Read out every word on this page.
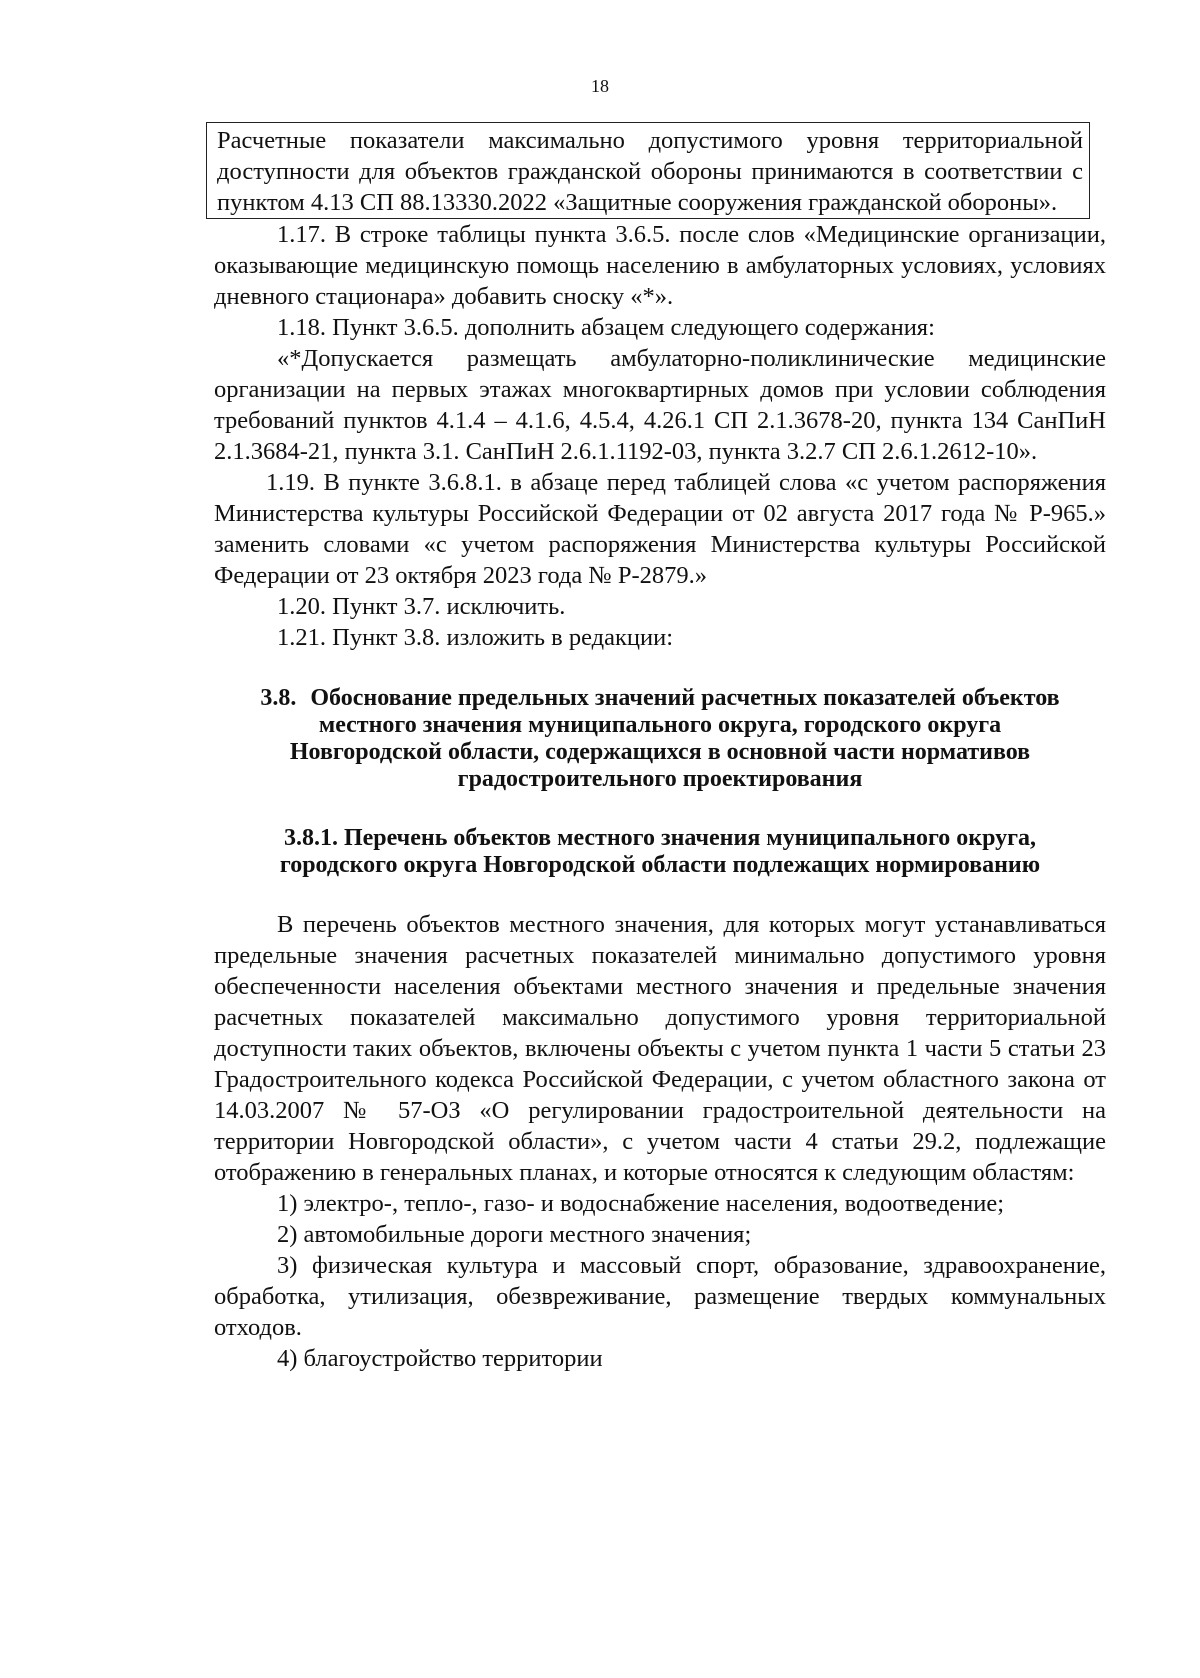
18
Расчетные показатели максимально допустимого уровня территориальной доступности для объектов гражданской обороны принимаются в соответствии с пунктом 4.13 СП 88.13330.2022 «Защитные сооружения гражданской обороны».

1.17. В строке таблицы пункта 3.6.5. после слов «Медицинские организации, оказывающие медицинскую помощь населению в амбулаторных условиях, условиях дневного стационара» добавить сноску «*».

1.18. Пункт 3.6.5. дополнить абзацем следующего содержания:

«*Допускается размещать амбулаторно-поликлинические медицинские организации на первых этажах многоквартирных домов при условии соблюдения требований пунктов 4.1.4 – 4.1.6, 4.5.4, 4.26.1 СП 2.1.3678-20, пункта 134 СанПиН 2.1.3684-21, пункта 3.1. СанПиН 2.6.1.1192-03, пункта 3.2.7 СП 2.6.1.2612-10».

1.19. В пункте 3.6.8.1. в абзаце перед таблицей слова «с учетом распоряжения Министерства культуры Российской Федерации от 02 августа 2017 года № Р-965.» заменить словами «с учетом распоряжения Министерства культуры Российской Федерации от 23 октября 2023 года № Р-2879.»

1.20. Пункт 3.7. исключить.

1.21. Пункт 3.8. изложить в редакции:

3.8. Обоснование предельных значений расчетных показателей объектов местного значения муниципального округа, городского округа Новгородской области, содержащихся в основной части нормативов градостроительного проектирования
3.8.1. Перечень объектов местного значения муниципального округа, городского округа Новгородской области подлежащих нормированию

В перечень объектов местного значения, для которых могут устанавливаться предельные значения расчетных показателей минимально допустимого уровня обеспеченности населения объектами местного значения и предельные значения расчетных показателей максимально допустимого уровня территориальной доступности таких объектов, включены объекты с учетом пункта 1 части 5 статьи 23 Градостроительного кодекса Российской Федерации, с учетом областного закона от 14.03.2007 № 57-ОЗ «О регулировании градостроительной деятельности на территории Новгородской области», с учетом части 4 статьи 29.2, подлежащие отображению в генеральных планах, и которые относятся к следующим областям:

1) электро-, тепло-, газо- и водоснабжение населения, водоотведение;

2) автомобильные дороги местного значения;

3) физическая культура и массовый спорт, образование, здравоохранение, обработка, утилизация, обезвреживание, размещение твердых коммунальных отходов.

4) благоустройство территории
